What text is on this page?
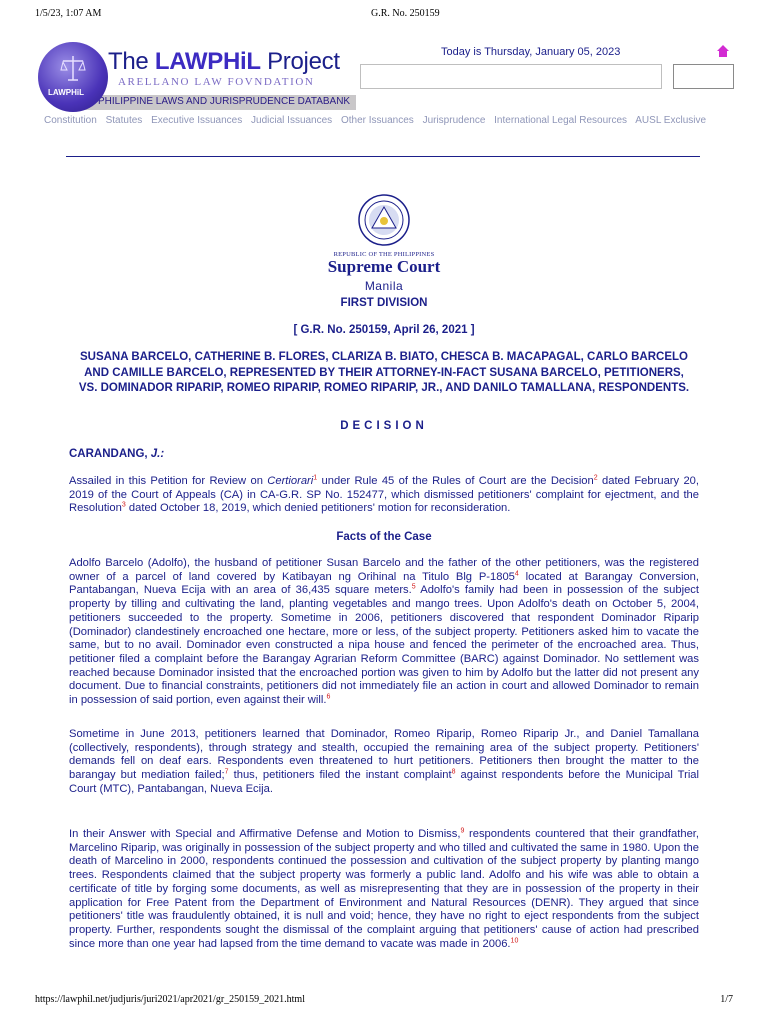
1/5/23, 1:07 AM	G.R. No. 250159
PHILIPPINE LAWS AND JURISPRUDENCE DATABANK
LAWPHiL
The LAWPHiL Project
ARELLANO LAW FOVNDATION
Today is Thursday, January 05, 2023
Constitution Statutes Executive Issuances Judicial Issuances Other Issuances Jurisprudence International Legal Resources AUSL Exclusive
REPUBLIC OF THE PHILIPPINES
Supreme Court
Manila
FIRST DIVISION
[ G.R. No. 250159, April 26, 2021 ]
SUSANA BARCELO, CATHERINE B. FLORES, CLARIZA B. BIATO, CHESCA B. MACAPAGAL, CARLO BARCELO AND CAMILLE BARCELO, REPRESENTED BY THEIR ATTORNEY-IN-FACT SUSANA BARCELO, PETITIONERS, VS. DOMINADOR RIPARIP, ROMEO RIPARIP, ROMEO RIPARIP, JR., AND DANILO TAMALLANA, RESPONDENTS.
DECISION
CARANDANG, J.:
Assailed in this Petition for Review on Certiorari$^1$ under Rule 45 of the Rules of Court are the Decision$^2$ dated February 20, 2019 of the Court of Appeals (CA) in CA-G.R. SP No. 152477, which dismissed petitioners' complaint for ejectment, and the Resolution$^3$ dated October 18, 2019, which denied petitioners' motion for reconsideration.
Facts of the Case
Adolfo Barcelo (Adolfo), the husband of petitioner Susan Barcelo and the father of the other petitioners, was the registered owner of a parcel of land covered by Katibayan ng Orihinal na Titulo Blg P-1805$^4$ located at Barangay Conversion, Pantabangan, Nueva Ecija with an area of 36,435 square meters.$^5$ Adolfo's family had been in possession of the subject property by tilling and cultivating the land, planting vegetables and mango trees. Upon Adolfo's death on October 5, 2004, petitioners succeeded to the property. Sometime in 2006, petitioners discovered that respondent Dominador Riparip (Dominador) clandestinely encroached one hectare, more or less, of the subject property. Petitioners asked him to vacate the same, but to no avail. Dominador even constructed a nipa house and fenced the perimeter of the encroached area. Thus, petitioner filed a complaint before the Barangay Agrarian Reform Committee (BARC) against Dominador. No settlement was reached because Dominador insisted that the encroached portion was given to him by Adolfo but the latter did not present any document. Due to financial constraints, petitioners did not immediately file an action in court and allowed Dominador to remain in possession of said portion, even against their will.$^6$
Sometime in June 2013, petitioners learned that Dominador, Romeo Riparip, Romeo Riparip Jr., and Daniel Tamallana (collectively, respondents), through strategy and stealth, occupied the remaining area of the subject property. Petitioners' demands fell on deaf ears. Respondents even threatened to hurt petitioners. Petitioners then brought the matter to the barangay but mediation failed;$^7$ thus, petitioners filed the instant complaint$^8$ against respondents before the Municipal Trial Court (MTC), Pantabangan, Nueva Ecija.
In their Answer with Special and Affirmative Defense and Motion to Dismiss,$^9$ respondents countered that their grandfather, Marcelino Riparip, was originally in possession of the subject property and who tilled and cultivated the same in 1980. Upon the death of Marcelino in 2000, respondents continued the possession and cultivation of the subject property by planting mango trees. Respondents claimed that the subject property was formerly a public land. Adolfo and his wife was able to obtain a certificate of title by forging some documents, as well as misrepresenting that they are in possession of the property in their application for Free Patent from the Department of Environment and Natural Resources (DENR). They argued that since petitioners' title was fraudulently obtained, it is null and void; hence, they have no right to eject respondents from the subject property. Further, respondents sought the dismissal of the complaint arguing that petitioners' cause of action had prescribed since more than one year had lapsed from the time demand to vacate was made in 2006.10
https://lawphil.net/judjuris/juri2021/apr2021/gr_250159_2021.html	1/7
